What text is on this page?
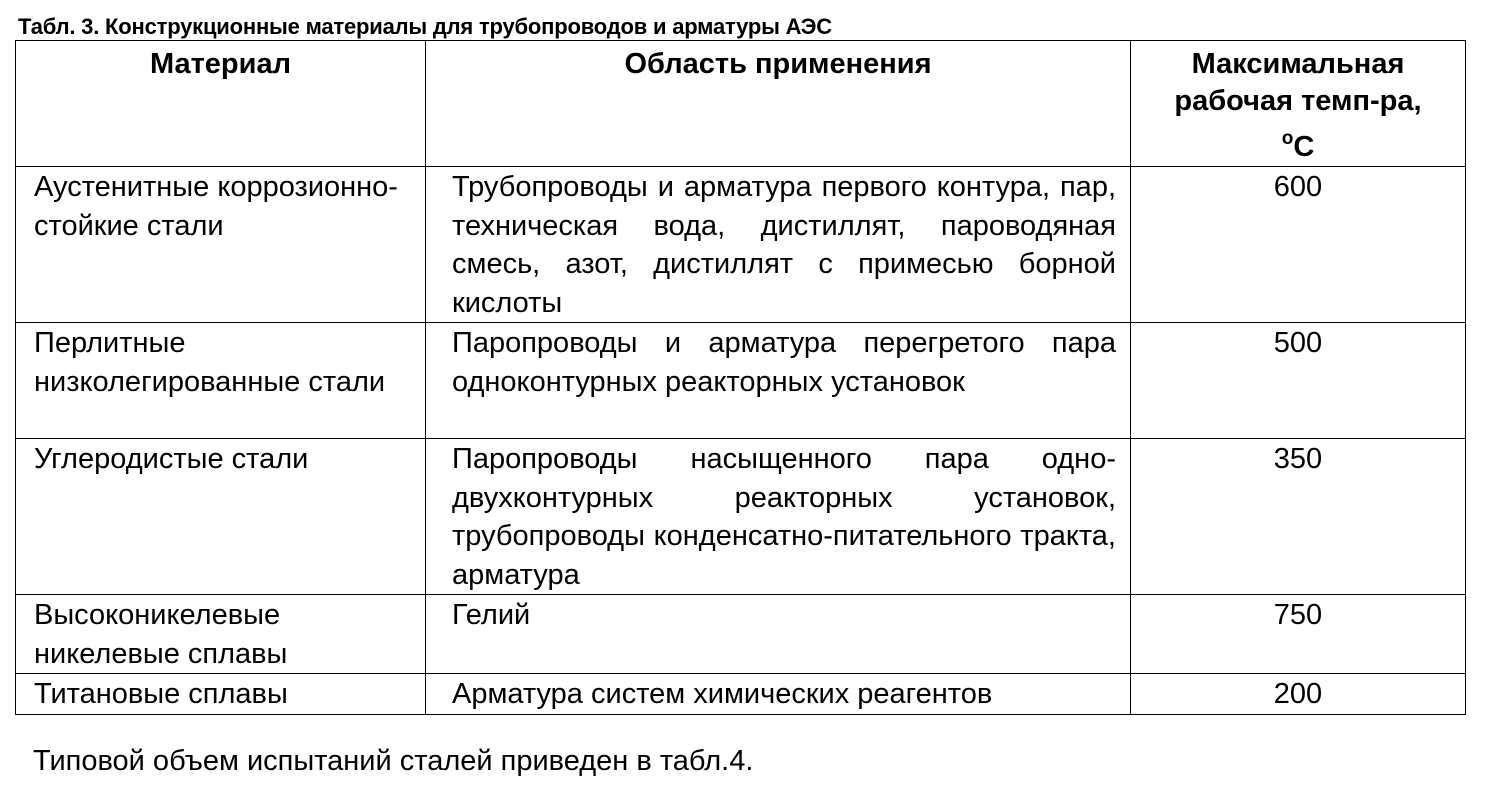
Табл. 3. Конструкционные материалы для трубопроводов и арматуры АЭС
Материал	Область применения	Максимальная
рабочая темп-ра,
$^о$С
Аустенитные коррозионно-стойкие стали	Трубопроводы и арматура первого контура, пар, техническая вода, дистиллят, пароводяная смесь, азот, дистиллят с примесью борной кислоты	600
Перлитные низколегированные стали	Паропроводы и арматура перегретого пара одноконтурных реакторных установок	500
Углеродистые стали	Паропроводы насыщенного пара одно-двухконтурных реакторных установок, трубопроводы конденсатно-питательного тракта, арматура	350
Высоконикелевые никелевые сплавы	Гелий	750
Титановые сплавы	Арматура систем химических реагентов	200
Типовой объем испытаний сталей приведен в табл.4.
